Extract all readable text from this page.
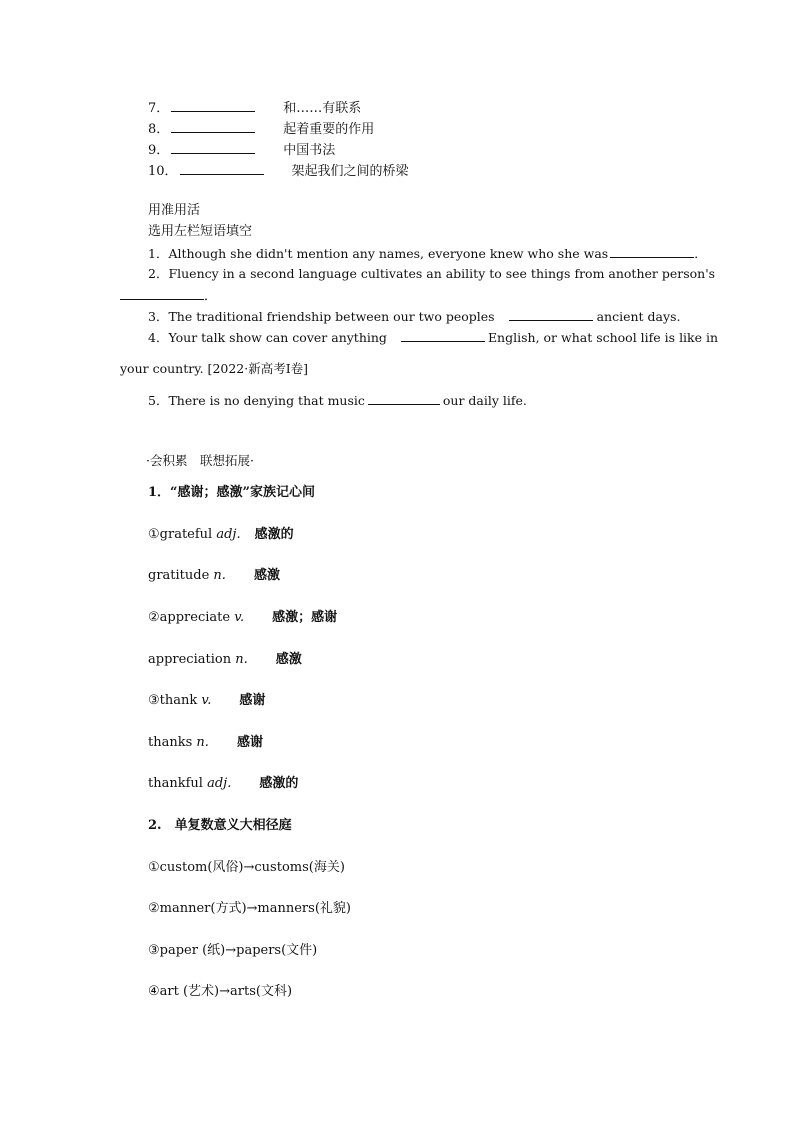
7．	和……有联系
8．	起着重要的作用
9．	中国书法
10．	架起我们之间的桥梁
用准用活
选用左栏短语填空
1．Although she didn't mention any names, everyone knew who she was	．
2．Fluency in a second language cultivates an ability to see things from another person's
．
3．The traditional friendship between our two peoples	ancient days.
4．Your talk show can cover anything	English, or what school life is like in
your country. [2022·新高考Ⅰ卷]
5．There is no denying that music	our daily life.
·会积累　联想拓展·
1．“感谢；感激”家族记心间
①grateful adj. 感激的
gratitude n. 感激
②appreciate v. 感激；感谢
appreciation n. 感激
③thank v. 感谢
thanks n. 感谢
thankful adj. 感激的
2.　单复数意义大相径庭
①custom(风俗)→customs(海关)
②manner(方式)→manners(礼貌)
③paper (纸)→papers(文件)
④art (艺术)→arts(文科)
